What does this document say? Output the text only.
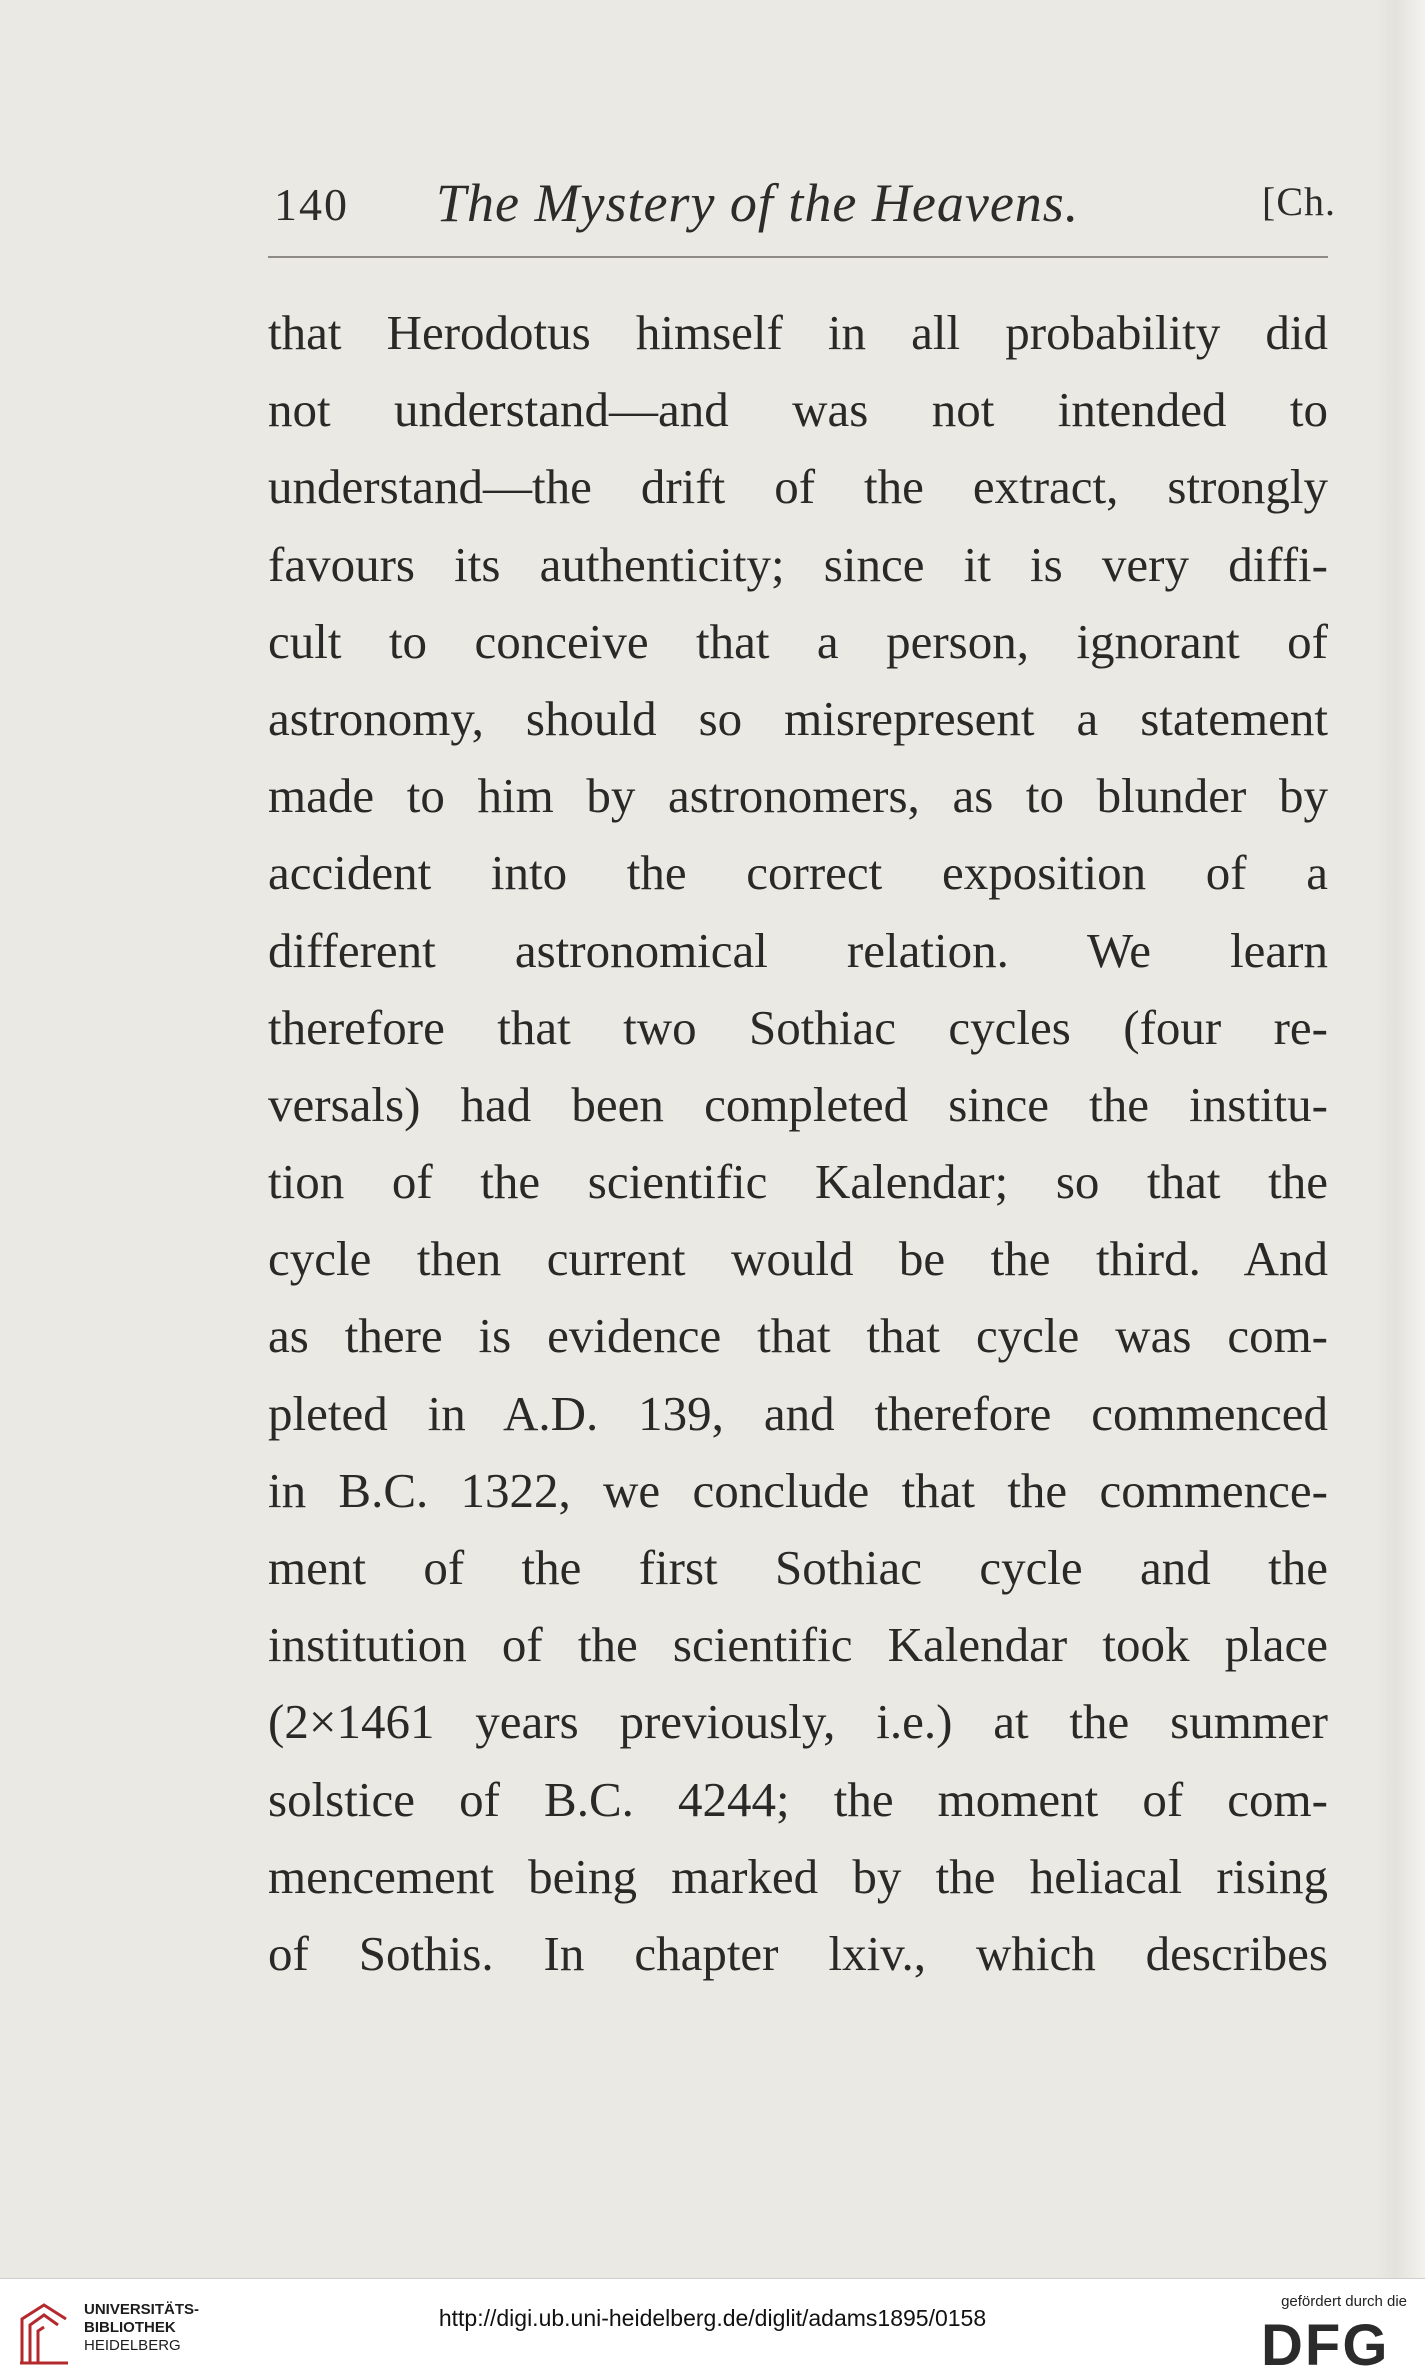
140 The Mystery of the Heavens.	[Ch.
that Herodotus himself in all probability did
not understand—and was not intended to
understand—the drift of the extract, strongly
favours its authenticity; since it is very diffi-
cult to conceive that a person, ignorant of
astronomy, should so misrepresent a statement
made to him by astronomers, as to blunder by
accident into the correct exposition of a
different astronomical relation. We learn
therefore that two Sothiac cycles (four re-
versals) had been completed since the institu-
tion of the scientific Kalendar; so that the
cycle then current would be the third. And
as there is evidence that that cycle was com-
pleted in A.D. 139, and therefore commenced
in B.C. 1322, we conclude that the commence-
ment of the first Sothiac cycle and the
institution of the scientific Kalendar took place
(2×1461 years previously, i.e.) at the summer
solstice of B.C. 4244; the moment of com-
mencement being marked by the heliacal rising
of Sothis. In chapter lxiv., which describes
UNIVERSITÄTS-
BIBLIOTHEK
HEIDELBERG
http://digi.ub.uni-heidelberg.de/diglit/adams1895/0158
gefördert durch die
DFG
